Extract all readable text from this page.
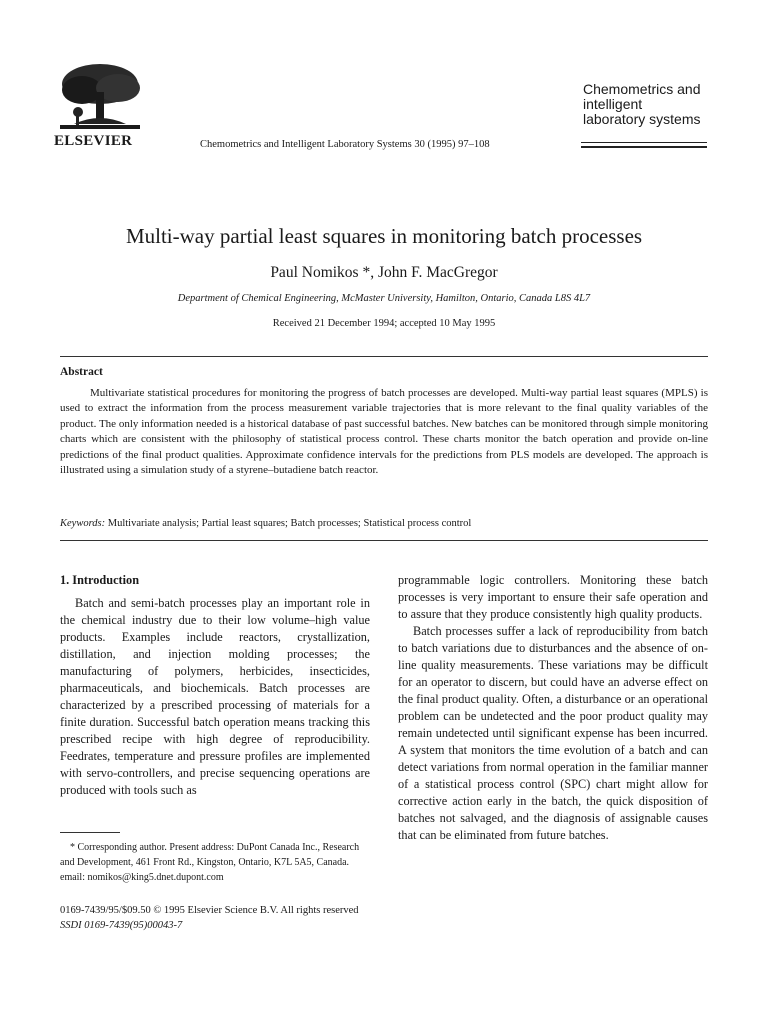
ELSEVIER	Chemometrics and Intelligent Laboratory Systems 30 (1995) 97–108
Chemometrics and
intelligent
laboratory systems
Multi-way partial least squares in monitoring batch processes
Paul Nomikos *, John F. MacGregor
Department of Chemical Engineering, McMaster University, Hamilton, Ontario, Canada L8S 4L7
Received 21 December 1994; accepted 10 May 1995
Abstract

Multivariate statistical procedures for monitoring the progress of batch processes are developed. Multi-way partial least squares (MPLS) is used to extract the information from the process measurement variable trajectories that is more relevant to the final quality variables of the product. The only information needed is a historical database of past successful batches. New batches can be monitored through simple monitoring charts which are consistent with the philosophy of statistical process control. These charts monitor the batch operation and provide on-line predictions of the final product qualities. Approximate confidence intervals for the predictions from PLS models are developed. The approach is illustrated using a simulation study of a styrene–butadiene batch reactor.

Keywords: Multivariate analysis; Partial least squares; Batch processes; Statistical process control

1. Introduction

Batch and semi-batch processes play an important role in the chemical industry due to their low volume–high value products. Examples include reactors, crystallization, distillation, and injection molding processes; the manufacturing of polymers, herbicides, insecticides, pharmaceuticals, and biochemicals. Batch processes are characterized by a prescribed processing of materials for a finite duration. Successful batch operation means tracking this prescribed recipe with high degree of reproducibility. Feedrates, temperature and pressure profiles are implemented with servo-controllers, and precise sequencing operations are produced with tools such as

programmable logic controllers. Monitoring these batch processes is very important to ensure their safe operation and to assure that they produce consistently high quality products.

Batch processes suffer a lack of reproducibility from batch to batch variations due to disturbances and the absence of on-line quality measurements. These variations may be difficult for an operator to discern, but could have an adverse effect on the final product quality. Often, a disturbance or an operational problem can be undetected and the poor product quality may remain undetected until significant expense has been incurred. A system that monitors the time evolution of a batch and can detect variations from normal operation in the familiar manner of a statistical process control (SPC) chart might allow for corrective action early in the batch, the quick disposition of batches not salvaged, and the diagnosis of assignable causes that can be eliminated from future batches.

* Corresponding author. Present address: DuPont Canada Inc., Research and Development, 461 Front Rd., Kingston, Ontario, K7L 5A5, Canada. email: nomikos@king5.dnet.dupont.com

0169-7439/95/$09.50 © 1995 Elsevier Science B.V. All rights reserved
SSDI 0169-7439(95)00043-7
